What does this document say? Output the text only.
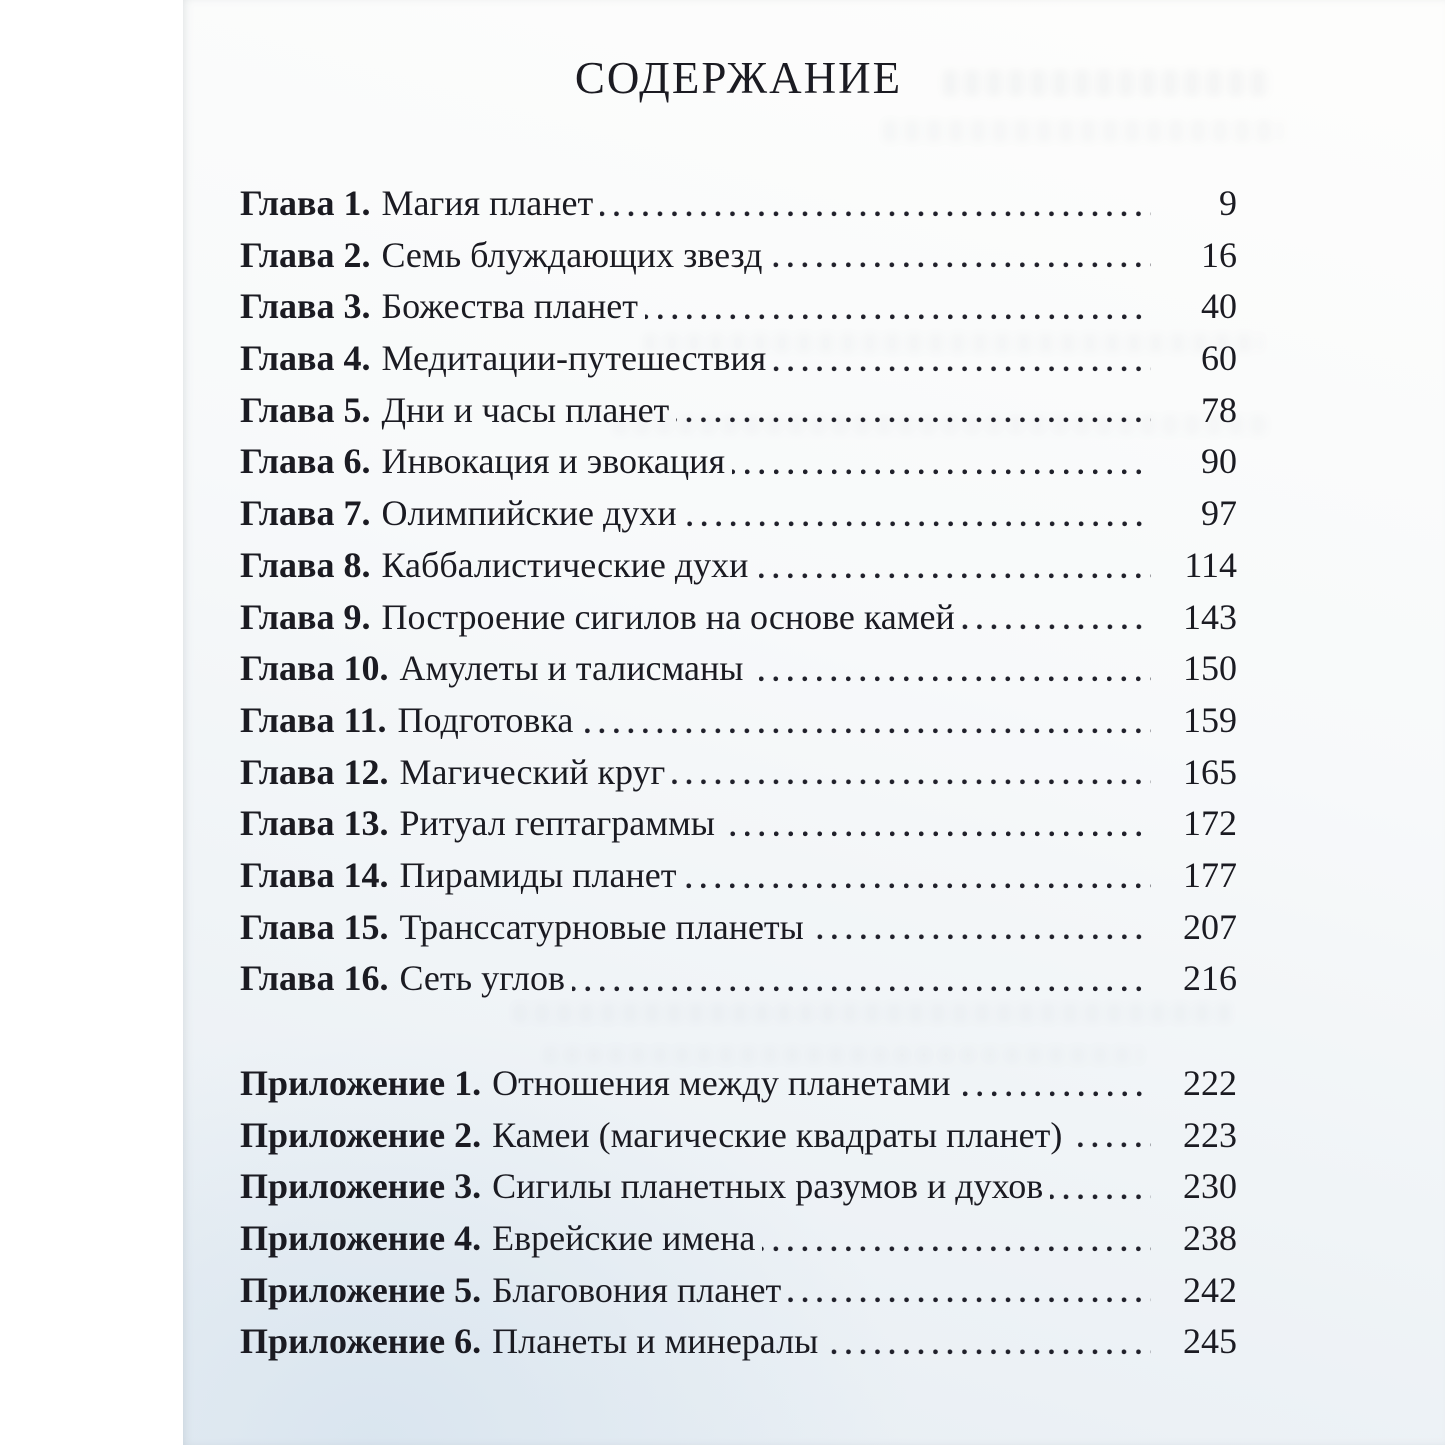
СОДЕРЖАНИЕ
Глава 1. Магия планет	9
Глава 2. Семь блуждающих звезд	16
Глава 3. Божества планет	40
Глава 4. Медитации-путешествия	60
Глава 5. Дни и часы планет	78
Глава 6. Инвокация и эвокация	90
Глава 7. Олимпийские духи	97
Глава 8. Каббалистические духи	114
Глава 9. Построение сигилов на основе камей	143
Глава 10. Амулеты и талисманы	150
Глава 11. Подготовка	159
Глава 12. Магический круг	165
Глава 13. Ритуал гептаграммы	172
Глава 14. Пирамиды планет	177
Глава 15. Транссатурновые планеты	207
Глава 16. Сеть углов	216
Приложение 1. Отношения между планетами	222
Приложение 2. Камеи (магические квадраты планет)	223
Приложение 3. Сигилы планетных разумов и духов	230
Приложение 4. Еврейские имена	238
Приложение 5. Благовония планет	242
Приложение 6. Планеты и минералы	245
